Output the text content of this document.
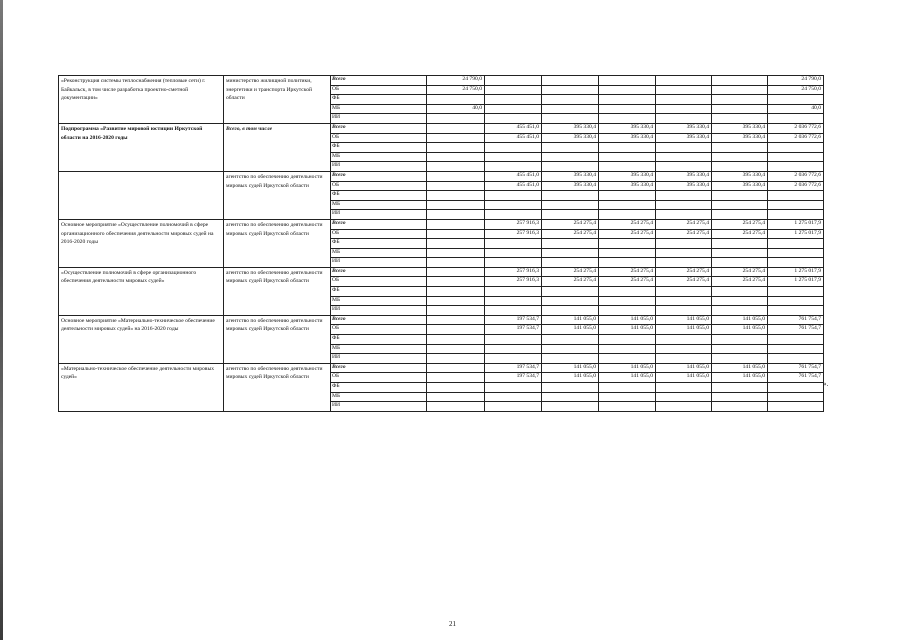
«Реконструкция системы теплоснабжения (тепловые сети) г. Байкальск, в том числе разработка проектно-сметной документации»	министерство жилищной политики, энергетики и транспорта Иркутской области	Всего	24 790,0						24 790,0
		ОБ	24 750,0						24 750,0
		ФБ							
		МБ	40,0						40,0
		ИИ							
Подпрограмма «Развитие мировой юстиции Иркутской области на 2016-2020 годы	Всего, в том числе	Всего		455 451,0	395 330,4	395 330,4	395 330,4	395 330,4	2 036 772,6
		ОБ		455 451,0	395 330,4	395 330,4	395 330,4	395 330,4	2 036 772,6
		ФБ							
		МБ							
		ИИ							
	агентство по обеспечению деятельности мировых судей Иркутской области	Всего		455 451,0	395 330,4	395 330,4	395 330,4	395 330,4	2 036 772,6
		ОБ		455 451,0	395 330,4	395 330,4	395 330,4	395 330,4	2 036 772,6
		ФБ							
		МБ							
		ИИ							
Основное мероприятие «Осуществление полномочий в сфере организационного обеспечения деятельности мировых судей на 2016-2020 годы	агентство по обеспечению деятельности мировых судей Иркутской области	Всего		257 916,3	254 275,4	254 275,4	254 275,4	254 275,4	1 275 017,9
		ОБ		257 916,3	254 275,4	254 275,4	254 275,4	254 275,4	1 275 017,9
		ФБ							
		МБ							
		ИИ							
«Осуществление полномочий в сфере организационного обеспечения деятельности мировых судей»	агентство по обеспечению деятельности мировых судей Иркутской области	Всего		257 916,3	254 275,4	254 275,4	254 275,4	254 275,4	1 275 017,9
		ОБ		257 916,3	254 275,4	254 275,4	254 275,4	254 275,4	1 275 017,9
		ФБ							
		МБ							
		ИИ							
Основное мероприятие «Материально-техническое обеспечение деятельности мировых судей» на 2016-2020 годы	агентство по обеспечению деятельности мировых судей Иркутской области	Всего		197 534,7	141 055,0	141 055,0	141 055,0	141 055,0	761 754,7
		ОБ		197 534,7	141 055,0	141 055,0	141 055,0	141 055,0	761 754,7
		ФБ							
		МБ							
		ИИ							
«Материально-техническое обеспечение деятельности мировых судей»	агентство по обеспечению деятельности мировых судей Иркутской области	Всего		197 534,7	141 055,0	141 055,0	141 055,0	141 055,0	761 754,7
		ОБ		197 534,7	141 055,0	141 055,0	141 055,0	141 055,0	761 754,7
		ФБ							
		МБ							
		ИИ							
».
21
